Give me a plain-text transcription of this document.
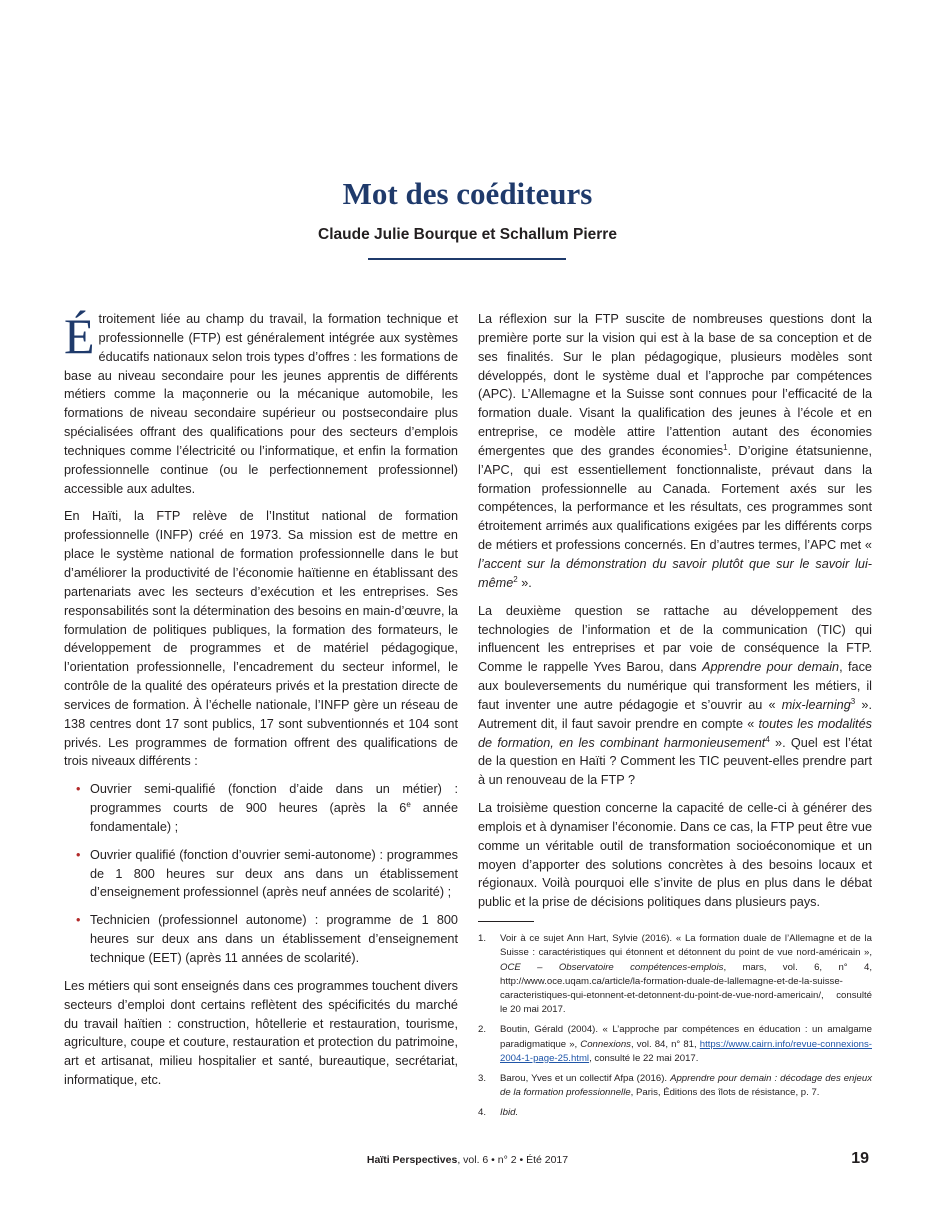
Mot des coéditeurs
Claude Julie Bourque et Schallum Pierre

Étroitement liée au champ du travail, la formation technique et professionnelle (FTP) est généralement intégrée aux systèmes éducatifs nationaux selon trois types d’offres : les formations de base au niveau secondaire pour les jeunes apprentis de différents métiers comme la maçonnerie ou la mécanique automobile, les formations de niveau secondaire supérieur ou postsecondaire plus spécialisées offrant des qualifications pour des secteurs d’emplois techniques comme l’électricité ou l’informatique, et enfin la formation professionnelle continue (ou le perfectionnement professionnel) accessible aux adultes.

En Haïti, la FTP relève de l’Institut national de formation professionnelle (INFP) créé en 1973. Sa mission est de mettre en place le système national de formation professionnelle dans le but d’améliorer la productivité de l’économie haïtienne en établissant des partenariats avec les secteurs d’exécution et les entreprises. Ses responsabilités sont la détermination des besoins en main-d’œuvre, la formulation de politiques publiques, la formation des formateurs, le développement de programmes et de matériel pédagogique, l’orientation professionnelle, l’encadrement du secteur informel, le contrôle de la qualité des opérateurs privés et la prestation directe de services de formation. À l’échelle nationale, l’INFP gère un réseau de 138 centres dont 17 sont publics, 17 sont subventionnés et 104 sont privés. Les programmes de formation offrent des qualifications de trois niveaux différents :

• Ouvrier semi-qualifié (fonction d’aide dans un métier) : programmes courts de 900 heures (après la 6e année fondamentale) ;
• Ouvrier qualifié (fonction d’ouvrier semi-autonome) : programmes de 1 800 heures sur deux ans dans un établissement d’enseignement professionnel (après neuf années de scolarité) ;
• Technicien (professionnel autonome) : programme de 1 800 heures sur deux ans dans un établissement d’enseignement technique (EET) (après 11 années de scolarité).

Les métiers qui sont enseignés dans ces programmes touchent divers secteurs d’emploi dont certains reflètent des spécificités du marché du travail haïtien : construction, hôtellerie et restauration, tourisme, agriculture, coupe et couture, restauration et protection du patrimoine, art et artisanat, milieu hospitalier et santé, bureautique, secrétariat, informatique, etc.

La réflexion sur la FTP suscite de nombreuses questions dont la première porte sur la vision qui est à la base de sa conception et de ses finalités. Sur le plan pédagogique, plusieurs modèles sont développés, dont le système dual et l’approche par compétences (APC). L’Allemagne et la Suisse sont connues pour l’efficacité de la formation duale. Visant la qualification des jeunes à l’école et en entreprise, ce modèle attire l’attention autant des économies émergentes que des grandes économies$^1$. D’origine étatsunienne, l’APC, qui est essentiellement fonctionnaliste, prévaut dans la formation professionnelle au Canada. Fortement axés sur les compétences, la performance et les résultats, ces programmes sont étroitement arrimés aux qualifications exigées par les différents corps de métiers et professions concernés. En d’autres termes, l’APC met « l’accent sur la démonstration du savoir plutôt que sur le savoir lui-même$^2$ ».

La deuxième question se rattache au développement des technologies de l’information et de la communication (TIC) qui influencent les entreprises et par voie de conséquence la FTP. Comme le rappelle Yves Barou, dans Apprendre pour demain, face aux bouleversements du numérique qui transforment les métiers, il faut inventer une autre pédagogie et s’ouvrir au « mix-learning$^3$ ». Autrement dit, il faut savoir prendre en compte « toutes les modalités de formation, en les combinant harmonieusement$^4$ ». Quel est l’état de la question en Haïti ? Comment les TIC peuvent-elles prendre part à un renouveau de la FTP ?

La troisième question concerne la capacité de celle-ci à générer des emplois et à dynamiser l’économie. Dans ce cas, la FTP peut être vue comme un véritable outil de transformation socioéconomique et un moyen d’apporter des solutions concrètes à des besoins locaux et régionaux. Voilà pourquoi elle s’invite de plus en plus dans le débat public et la prise de décisions politiques dans plusieurs pays.

1. Voir à ce sujet Ann Hart, Sylvie (2016). « La formation duale de l’Allemagne et de la Suisse : caractéristiques qui étonnent et détonnent du point de vue nord-américain », OCE – Observatoire compétences-emplois, mars, vol. 6, n° 4, http://www.oce.uqam.ca/article/la-formation-duale-de-lallemagne-et-de-la-suisse-caracteristiques-qui-etonnent-et-detonnent-du-point-de-vue-nord-americain/, consulté le 20 mai 2017.
2. Boutin, Gérald (2004). « L’approche par compétences en éducation : un amalgame paradigmatique », Connexions, vol. 84, n° 81, https://www.cairn.info/revue-connexions-2004-1-page-25.html, consulté le 22 mai 2017.
3. Barou, Yves et un collectif Afpa (2016). Apprendre pour demain : décodage des enjeux de la formation professionnelle, Paris, Éditions des îlots de résistance, p. 7.
4. Ibid.
Haïti Perspectives, vol. 6 • n° 2 • Été 2017	19
